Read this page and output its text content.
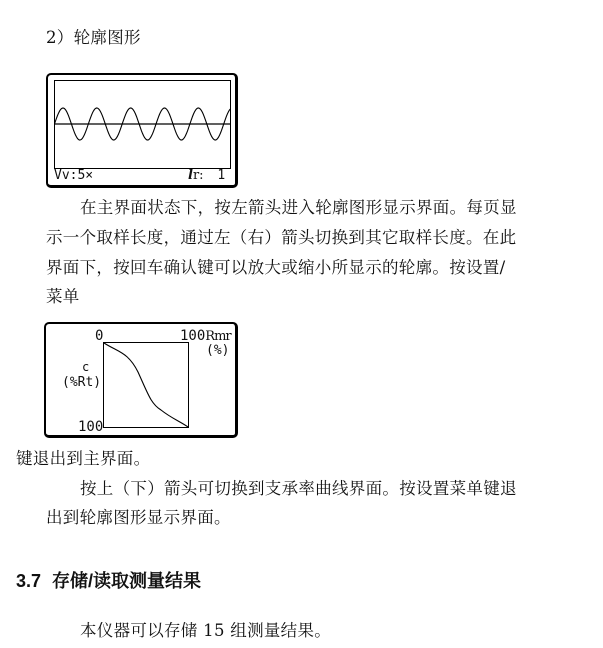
2）轮廓图形
Vv:5×	lr: 1
在主界面状态下，按左箭头进入轮廓图形显示界面。每页显
示一个取样长度，通过左（右）箭头切换到其它取样长度。在此
界面下，按回车确认键可以放大或缩小所显示的轮廓。按设置/
菜单
0	100Rmr
(%)
c
(%Rt)
100
键退出到主界面。
按上（下）箭头可切换到支承率曲线界面。按设置菜单键退
出到轮廓图形显示界面。
3.7 存储/读取测量结果
本仪器可以存储 15 组测量结果。
